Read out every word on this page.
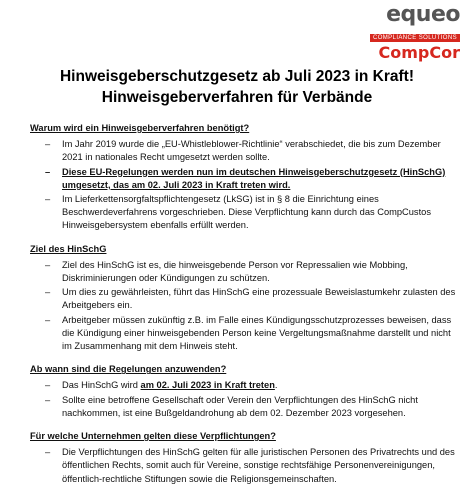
equeo
COMPLIANCE SOLUTIONS
CompCor
Hinweisgeberschutzgesetz ab Juli 2023 in Kraft!
Hinweisgeberverfahren für Verbände
Warum wird ein Hinweisgeberverfahren benötigt?
– Im Jahr 2019 wurde die „EU-Whistleblower-Richtlinie“ verabschiedet, die bis zum Dezember 2021 in nationales Recht umgesetzt werden sollte.
– Diese EU-Regelungen werden nun im deutschen Hinweisgeberschutzgesetz (HinSchG) umgesetzt, das am 02. Juli 2023 in Kraft treten wird.
– Im Lieferkettensorgfaltspflichtengesetz (LkSG) ist in § 8 die Einrichtung eines Beschwerdeverfahrens vorgeschrieben. Diese Verpflichtung kann durch das CompCustos Hinweisgebersystem ebenfalls erfüllt werden.
Ziel des HinSchG
– Ziel des HinSchG ist es, die hinweisgebende Person vor Repressalien wie Mobbing, Diskriminierungen oder Kündigungen zu schützen.
– Um dies zu gewährleisten, führt das HinSchG eine prozessuale Beweislastumkehr zulasten des Arbeitgebers ein.
– Arbeitgeber müssen zukünftig z.B. im Falle eines Kündigungsschutzprozesses beweisen, dass die Kündigung einer hinweisgebenden Person keine Vergeltungsmaßnahme darstellt und nicht im Zusammenhang mit dem Hinweis steht.
Ab wann sind die Regelungen anzuwenden?
– Das HinSchG wird am 02. Juli 2023 in Kraft treten.
– Sollte eine betroffene Gesellschaft oder Verein den Verpflichtungen des HinSchG nicht nachkommen, ist eine Bußgeldandrohung ab dem 02. Dezember 2023 vorgesehen.
Für welche Unternehmen gelten diese Verpflichtungen?
– Die Verpflichtungen des HinSchG gelten für alle juristischen Personen des Privatrechts und des öffentlichen Rechts, somit auch für Vereine, sonstige rechtsfähige Personenvereinigungen, öffentlich-rechtliche Stiftungen sowie die Religionsgemeinschaften.
